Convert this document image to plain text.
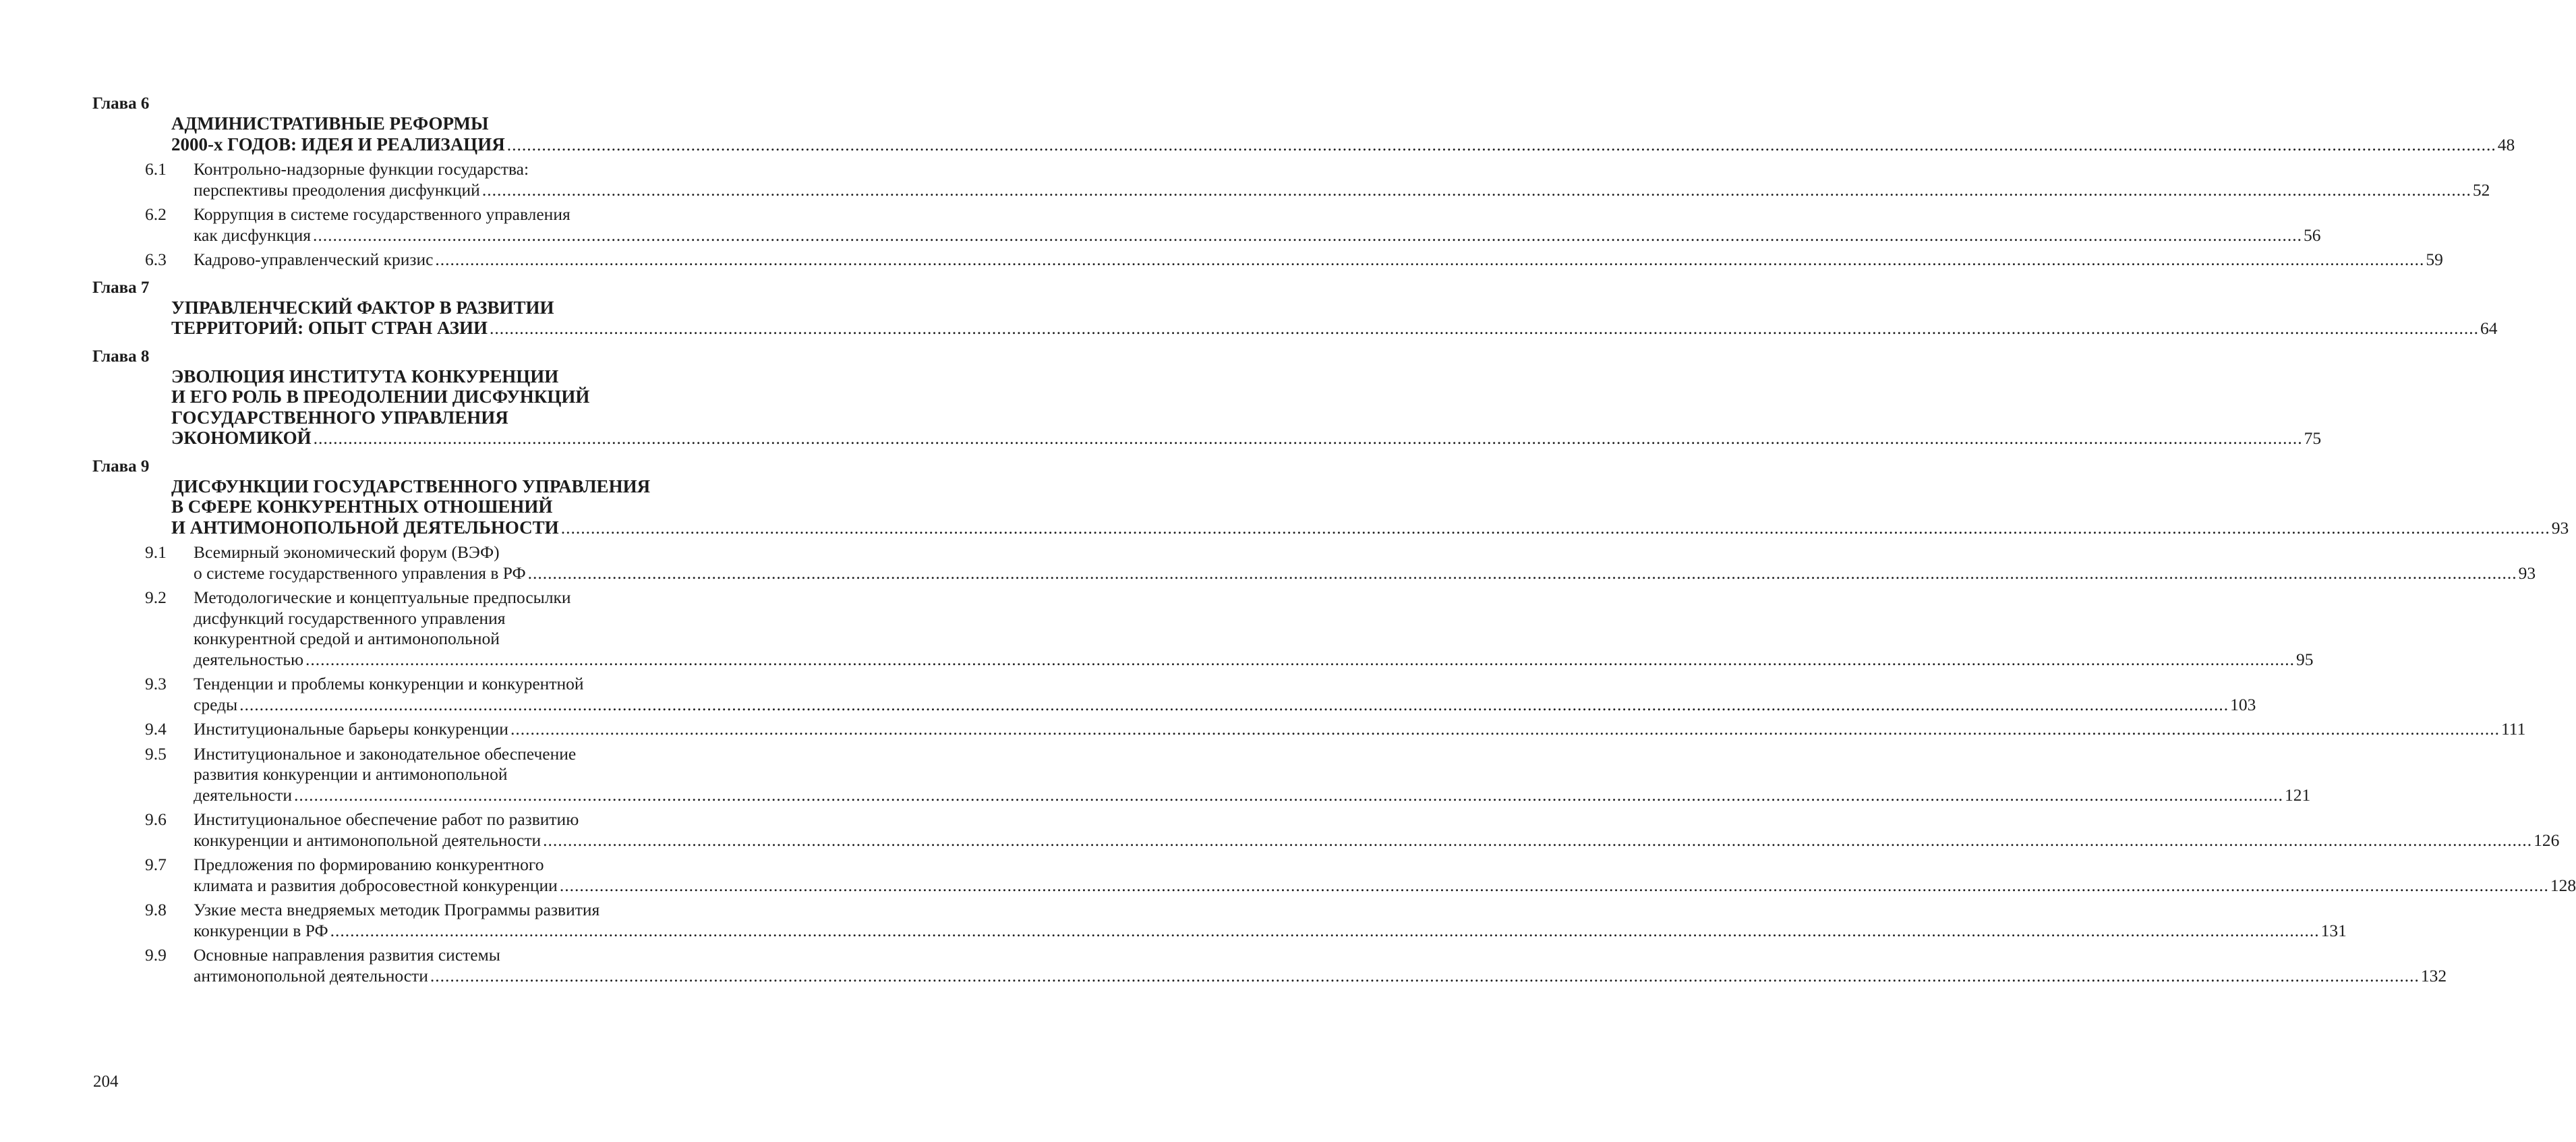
Глава 6
АДМИНИСТРАТИВНЫЕ РЕФОРМЫ
2000-х ГОДОВ: ИДЕЯ И РЕАЛИЗАЦИЯ ................................................................................................................................................................................................................................................................................................................................................................................................................ 48
6.1	Контрольно-надзорные функции государства:
перспективы преодоления дисфункций ................................................................................................................................................................................................................................................................................................................................................................................................................ 52
6.2	Коррупция в системе государственного управления
как дисфункция ................................................................................................................................................................................................................................................................................................................................................................................................................ 56
6.3	Кадрово-управленческий кризис ................................................................................................................................................................................................................................................................................................................................................................................................................ 59
Глава 7
УПРАВЛЕНЧЕСКИЙ ФАКТОР В РАЗВИТИИ
ТЕРРИТОРИЙ: ОПЫТ СТРАН АЗИИ ................................................................................................................................................................................................................................................................................................................................................................................................................ 64
Глава 8
ЭВОЛЮЦИЯ ИНСТИТУТА КОНКУРЕНЦИИ
И ЕГО РОЛЬ В ПРЕОДОЛЕНИИ ДИСФУНКЦИЙ
ГОСУДАРСТВЕННОГО УПРАВЛЕНИЯ
ЭКОНОМИКОЙ ................................................................................................................................................................................................................................................................................................................................................................................................................ 75
Глава 9
ДИСФУНКЦИИ ГОСУДАРСТВЕННОГО УПРАВЛЕНИЯ
В СФЕРЕ КОНКУРЕНТНЫХ ОТНОШЕНИЙ
И АНТИМОНОПОЛЬНОЙ ДЕЯТЕЛЬНОСТИ ................................................................................................................................................................................................................................................................................................................................................................................................................ 93
9.1	Всемирный экономический форум (ВЭФ)
о системе государственного управления в РФ ................................................................................................................................................................................................................................................................................................................................................................................................................ 93
9.2	Методологические и концептуальные предпосылки
дисфункций государственного управления
конкурентной средой и антимонопольной
деятельностью ................................................................................................................................................................................................................................................................................................................................................................................................................ 95
9.3	Тенденции и проблемы конкуренции и конкурентной
среды ................................................................................................................................................................................................................................................................................................................................................................................................................ 103
9.4	Институциональные барьеры конкуренции ................................................................................................................................................................................................................................................................................................................................................................................................................ 111
9.5	Институциональное и законодательное обеспечение
развития конкуренции и антимонопольной
деятельности ................................................................................................................................................................................................................................................................................................................................................................................................................ 121
9.6	Институциональное обеспечение работ по развитию
конкуренции и антимонопольной деятельности ................................................................................................................................................................................................................................................................................................................................................................................................................ 126
9.7	Предложения по формированию конкурентного
климата и развития добросовестной конкуренции ................................................................................................................................................................................................................................................................................................................................................................................................................ 128
9.8	Узкие места внедряемых методик Программы развития
конкуренции в РФ ................................................................................................................................................................................................................................................................................................................................................................................................................ 131
9.9	Основные направления развития системы
антимонопольной деятельности ................................................................................................................................................................................................................................................................................................................................................................................................................ 132
204
